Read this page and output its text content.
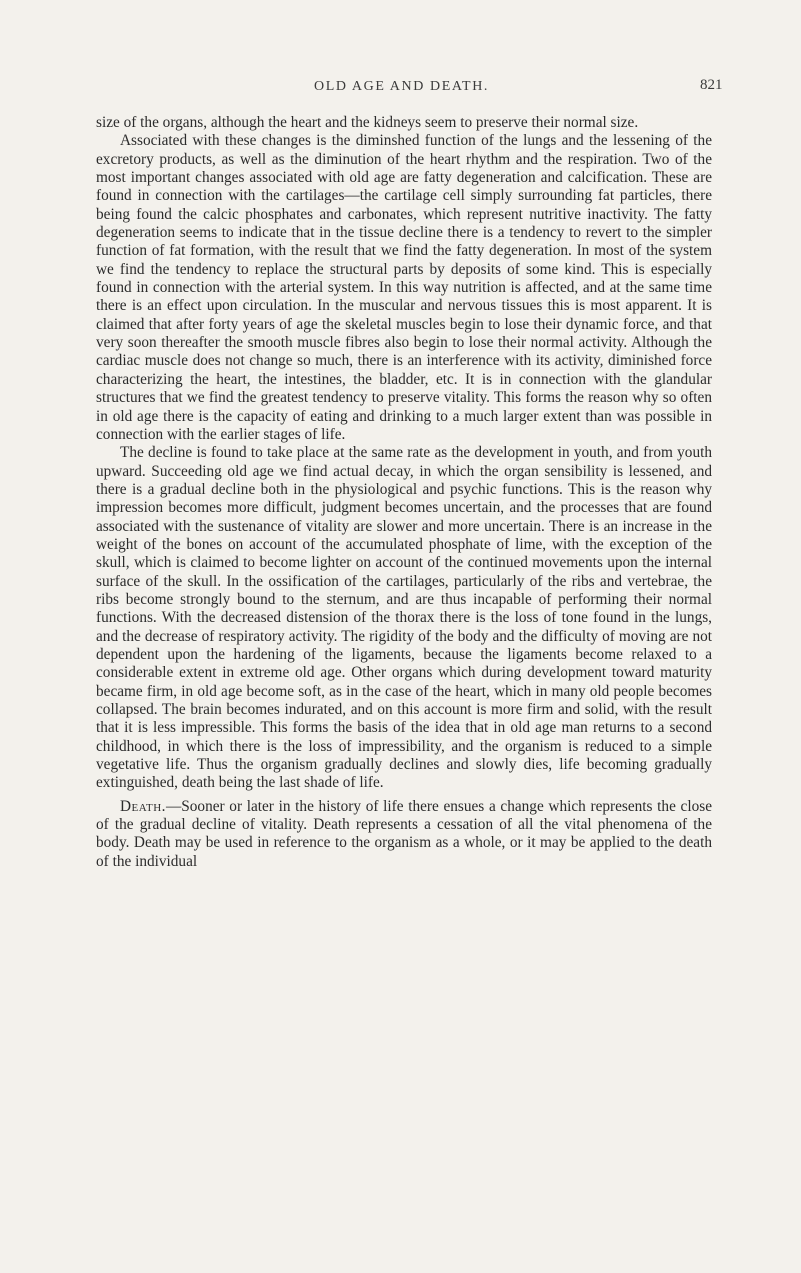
OLD AGE AND DEATH.	821

size of the organs, although the heart and the kidneys seem to preserve their normal size.

Associated with these changes is the diminshed function of the lungs and the lessening of the excretory products, as well as the diminution of the heart rhythm and the respiration. Two of the most important changes associated with old age are fatty degeneration and calcification. These are found in connection with the cartilages—the cartilage cell simply surrounding fat particles, there being found the calcic phosphates and carbonates, which represent nutritive inactivity. The fatty degeneration seems to indicate that in the tissue decline there is a tendency to revert to the simpler function of fat formation, with the result that we find the fatty degeneration. In most of the system we find the tendency to replace the structural parts by deposits of some kind. This is especially found in connection with the arterial system. In this way nutrition is affected, and at the same time there is an effect upon circulation. In the muscular and nervous tissues this is most apparent. It is claimed that after forty years of age the skeletal muscles begin to lose their dynamic force, and that very soon thereafter the smooth muscle fibres also begin to lose their normal activity. Although the cardiac muscle does not change so much, there is an interference with its activity, diminished force characterizing the heart, the intestines, the bladder, etc. It is in connection with the glandular structures that we find the greatest tendency to preserve vitality. This forms the reason why so often in old age there is the capacity of eating and drinking to a much larger extent than was possible in connection with the earlier stages of life.

The decline is found to take place at the same rate as the development in youth, and from youth upward. Succeeding old age we find actual decay, in which the organ sensibility is lessened, and there is a gradual decline both in the physiological and psychic functions. This is the reason why impression becomes more difficult, judgment becomes uncertain, and the processes that are found associated with the sustenance of vitality are slower and more uncertain. There is an increase in the weight of the bones on account of the accumulated phosphate of lime, with the exception of the skull, which is claimed to become lighter on account of the continued movements upon the internal surface of the skull. In the ossification of the cartilages, particularly of the ribs and vertebrae, the ribs become strongly bound to the sternum, and are thus incapable of performing their normal functions. With the decreased distension of the thorax there is the loss of tone found in the lungs, and the decrease of respiratory activity. The rigidity of the body and the difficulty of moving are not dependent upon the hardening of the ligaments, because the ligaments become relaxed to a considerable extent in extreme old age. Other organs which during development toward maturity became firm, in old age become soft, as in the case of the heart, which in many old people becomes collapsed. The brain becomes indurated, and on this account is more firm and solid, with the result that it is less impressible. This forms the basis of the idea that in old age man returns to a second childhood, in which there is the loss of impressibility, and the organism is reduced to a simple vegetative life. Thus the organism gradually declines and slowly dies, life becoming gradually extinguished, death being the last shade of life.

Death.—Sooner or later in the history of life there ensues a change which represents the close of the gradual decline of vitality. Death represents a cessation of all the vital phenomena of the body. Death may be used in reference to the organism as a whole, or it may be applied to the death of the individual
